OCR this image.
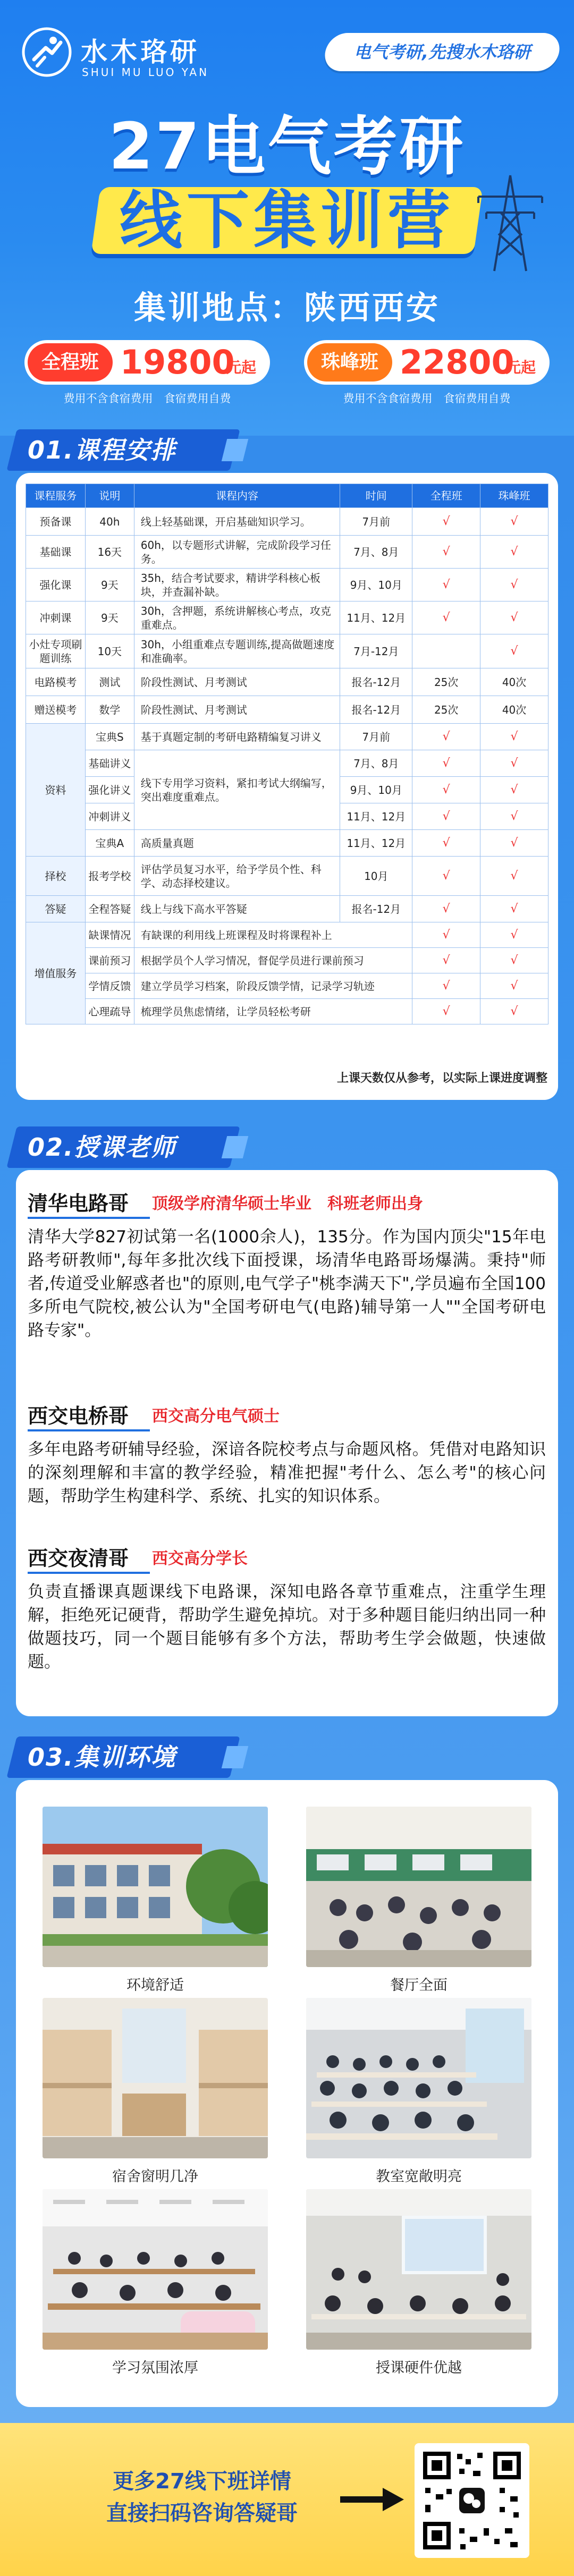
水木珞研
SHUI MU LUO YAN
电气考研,先搜水木珞研
27电气考研
线下集训营
集训地点：陕西西安
全程班 19800
元起
费用不含食宿费用　食宿费用自费
珠峰班 22800
元起
费用不含食宿费用　食宿费用自费
01.课程安排
课程服务	说明	课程内容	时间	全程班	珠峰班
预备课	40h	线上轻基础课，开启基础知识学习。	7月前	√	√
基础课	16天	60h，以专题形式讲解，完成阶段学习任务。	7月、8月	√	√
强化课	9天	35h，结合考试要求，精讲学科核心板块，并查漏补缺。	9月、10月	√	√
冲刺课	9天	30h，含押题，系统讲解核心考点，攻克重难点。	11月、12月	√	√
小灶专项刷题训练	10天	30h，小组重难点专题训练,提高做题速度和准确率。	7月-12月		√
电路模考	测试	阶段性测试、月考测试	报名-12月	25次	40次
赠送模考	数学	阶段性测试、月考测试	报名-12月	25次	40次
资料	宝典S	基于真题定制的考研电路精编复习讲义	7月前	√	√
	基础讲义	线下专用学习资料，紧扣考试大纲编写，突出难度重难点。	7月、8月	√	√
	强化讲义		9月、10月	√	√
	冲刺讲义		11月、12月	√	√
	宝典A	高质量真题	11月、12月	√	√
择校	报考学校	评估学员复习水平，给予学员个性、科学、动态择校建议。	10月	√	√
答疑	全程答疑	线上与线下高水平答疑	报名-12月	√	√
增值服务	缺课情况	有缺课的利用线上班课程及时将课程补上		√	√
	课前预习	根据学员个人学习情况，督促学员进行课前预习		√	√
	学情反馈	建立学员学习档案，阶段反馈学情，记录学习轨迹		√	√
	心理疏导	梳理学员焦虑情绪，让学员轻松考研		√	√
上课天数仅从参考，以实际上课进度调整
02.授课老师
清华电路哥 顶级学府清华硕士毕业　科班老师出身
清华大学827初试第一名(1000余人)，135分。作为国内顶尖"15年电路考研教师",每年多批次线下面授课，场清华电路哥场爆满。秉持"师者,传道受业解惑者也"的原则,电气学子"桃李满天下",学员遍布全国100多所电气院校,被公认为"全国考研电气(电路)辅导第一人""全国考研电路专家"。
西交电桥哥 西交高分电气硕士
多年电路考研辅导经验，深谙各院校考点与命题风格。凭借对电路知识的深刻理解和丰富的教学经验，精准把握"考什么、怎么考"的核心问题，帮助学生构建科学、系统、扎实的知识体系。
西交夜清哥 西交高分学长
负责直播课真题课线下电路课，深知电路各章节重难点，注重学生理解，拒绝死记硬背，帮助学生避免掉坑。对于多种题目能归纳出同一种做题技巧，同一个题目能够有多个方法，帮助考生学会做题，快速做题。
03.集训环境
环境舒适	餐厅全面
宿舍窗明几净	教室宽敞明亮
学习氛围浓厚	授课硬件优越
更多27线下班详情
直接扫码咨询答疑哥
